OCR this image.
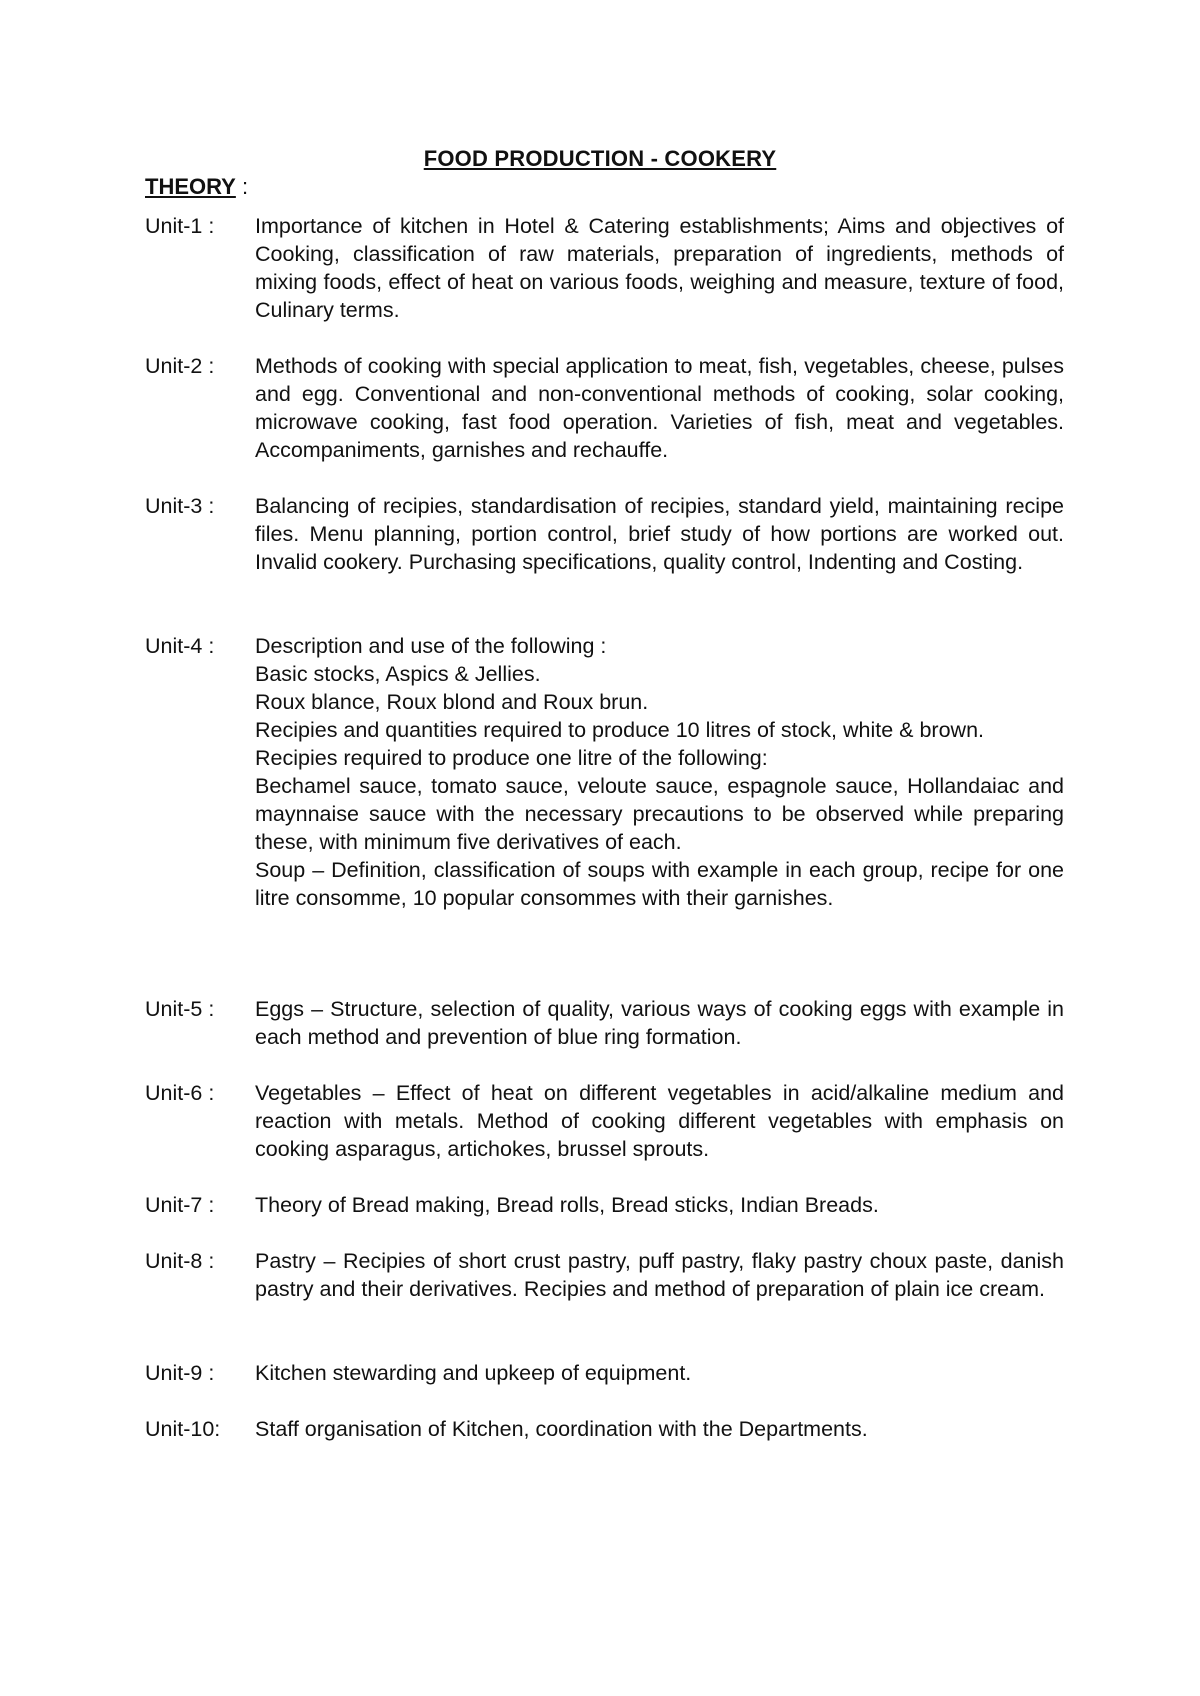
FOOD PRODUCTION - COOKERY
THEORY :
Unit-1 :	Importance of kitchen in Hotel & Catering establishments; Aims and objectives of Cooking, classification of raw materials, preparation of ingredients, methods of mixing foods, effect of heat on various foods, weighing and measure, texture of food, Culinary terms.

Unit-2 :	Methods of cooking with special application to meat, fish, vegetables, cheese, pulses and egg. Conventional and non-conventional methods of cooking, solar cooking, microwave cooking, fast food operation. Varieties of fish, meat and vegetables. Accompaniments, garnishes and rechauffe.

Unit-3 :	Balancing of recipies, standardisation of recipies, standard yield, maintaining recipe files. Menu planning, portion control, brief study of how portions are worked out. Invalid cookery. Purchasing specifications, quality control, Indenting and Costing.

Unit-4 :	Description and use of the following :

Basic stocks, Aspics & Jellies.

Roux blance, Roux blond and Roux brun.

Recipies and quantities required to produce 10 litres of stock, white & brown.

Recipies required to produce one litre of the following:

Bechamel sauce, tomato sauce, veloute sauce, espagnole sauce, Hollandaiac and maynnaise sauce with the necessary precautions to be observed while preparing these, with minimum five derivatives of each.

Soup – Definition, classification of soups with example in each group, recipe for one litre consomme, 10 popular consommes with their garnishes.

Unit-5 :	Eggs – Structure, selection of quality, various ways of cooking eggs with example in each method and prevention of blue ring formation.

Unit-6 :	Vegetables – Effect of heat on different vegetables in acid/alkaline medium and reaction with metals. Method of cooking different vegetables with emphasis on cooking asparagus, artichokes, brussel sprouts.

Unit-7 :	Theory of Bread making, Bread rolls, Bread sticks, Indian Breads.

Unit-8 :	Pastry – Recipies of short crust pastry, puff pastry, flaky pastry choux paste, danish pastry and their derivatives. Recipies and method of preparation of plain ice cream.

Unit-9 :	Kitchen stewarding and upkeep of equipment.

Unit-10:	Staff organisation of Kitchen, coordination with the Departments.
